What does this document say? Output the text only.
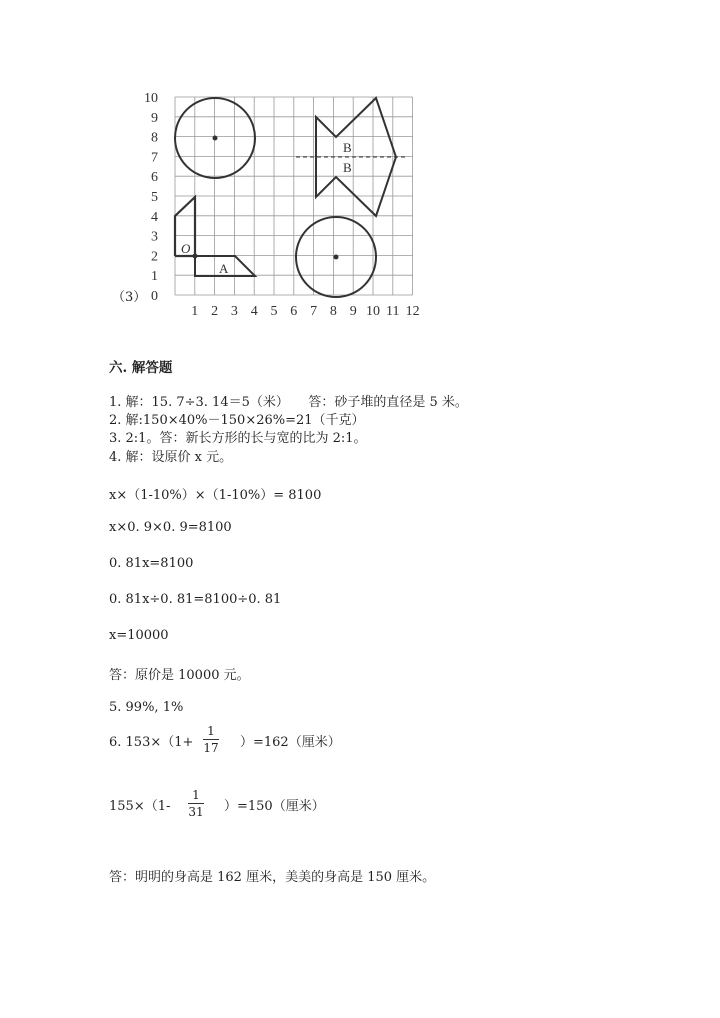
（3） 0
1
2
3
4
5
6
7
8
9
10
1 2 3 4 5 6 7 8 9 10 11 12
B
B
O
A
六. 解答题
1. 解：15. 7÷3. 14＝5（米）　　答：砂子堆的直径是 5 米。
2. 解:150×40%－150×26%=21（千克）
3. 2:1。答：新长方形的长与宽的比为 2:1。
4. 解：设原价 x 元。
x×（1-10%）×（1-10%）= 8100
x×0. 9×0. 9=8100
0. 81x=8100
0. 81x÷0. 81=8100÷0. 81
x=10000
答：原价是 10000 元。
5. 99%, 1%
6. 153×（1+
1
17 ）=162（厘米）
155×（1-
1
31 ）=150（厘米）
答：明明的身高是 162 厘米，美美的身高是 150 厘米。
